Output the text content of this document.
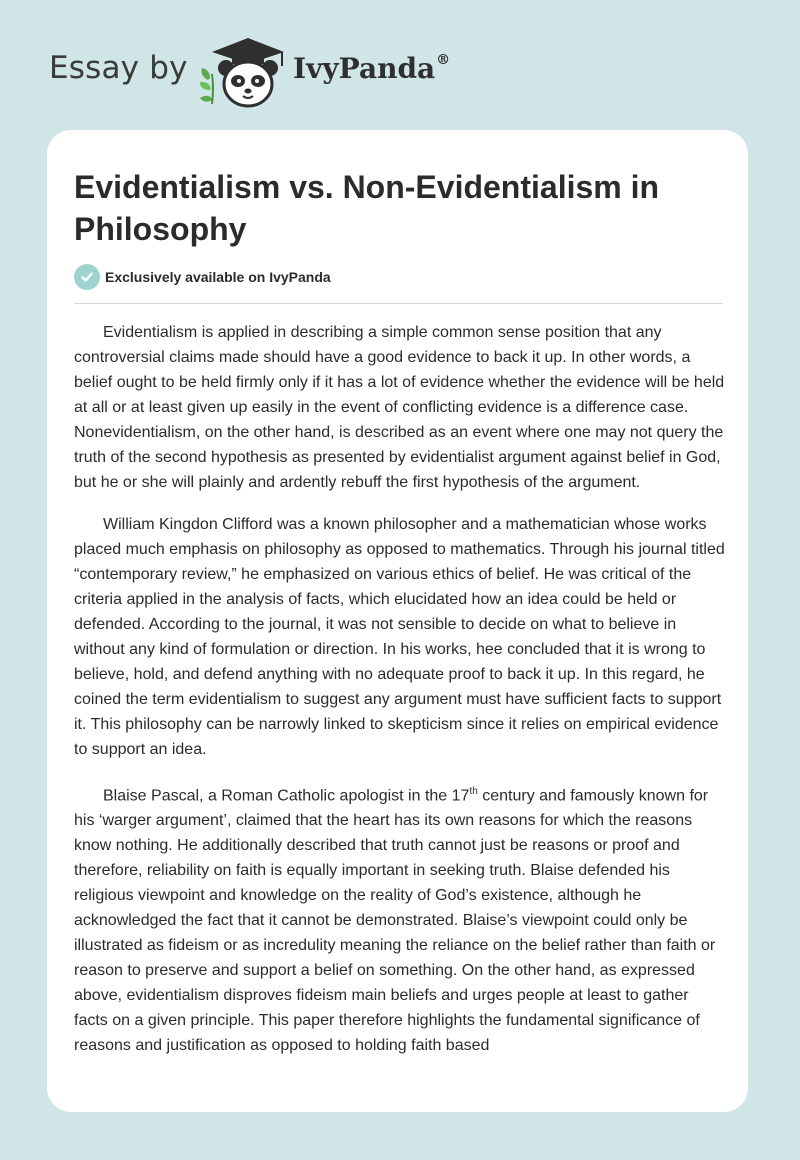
Essay by	IvyPanda®
Evidentialism vs. Non-Evidentialism in Philosophy
Exclusively available on IvyPanda

Evidentialism is applied in describing a simple common sense position that any controversial claims made should have a good evidence to back it up. In other words, a belief ought to be held firmly only if it has a lot of evidence whether the evidence will be held at all or at least given up easily in the event of conflicting evidence is a difference case. Nonevidentialism, on the other hand, is described as an event where one may not query the truth of the second hypothesis as presented by evidentialist argument against belief in God, but he or she will plainly and ardently rebuff the first hypothesis of the argument.

William Kingdon Clifford was a known philosopher and a mathematician whose works placed much emphasis on philosophy as opposed to mathematics. Through his journal titled “contemporary review,” he emphasized on various ethics of belief. He was critical of the criteria applied in the analysis of facts, which elucidated how an idea could be held or defended. According to the journal, it was not sensible to decide on what to believe in without any kind of formulation or direction. In his works, hee concluded that it is wrong to believe, hold, and defend anything with no adequate proof to back it up. In this regard, he coined the term evidentialism to suggest any argument must have sufficient facts to support it. This philosophy can be narrowly linked to skepticism since it relies on empirical evidence to support an idea.

Blaise Pascal, a Roman Catholic apologist in the 17th century and famously known for his ‘warger argument’, claimed that the heart has its own reasons for which the reasons know nothing. He additionally described that truth cannot just be reasons or proof and therefore, reliability on faith is equally important in seeking truth. Blaise defended his religious viewpoint and knowledge on the reality of God’s existence, although he acknowledged the fact that it cannot be demonstrated. Blaise’s viewpoint could only be illustrated as fideism or as incredulity meaning the reliance on the belief rather than faith or reason to preserve and support a belief on something. On the other hand, as expressed above, evidentialism disproves fideism main beliefs and urges people at least to gather facts on a given principle. This paper therefore highlights the fundamental significance of reasons and justification as opposed to holding faith based
